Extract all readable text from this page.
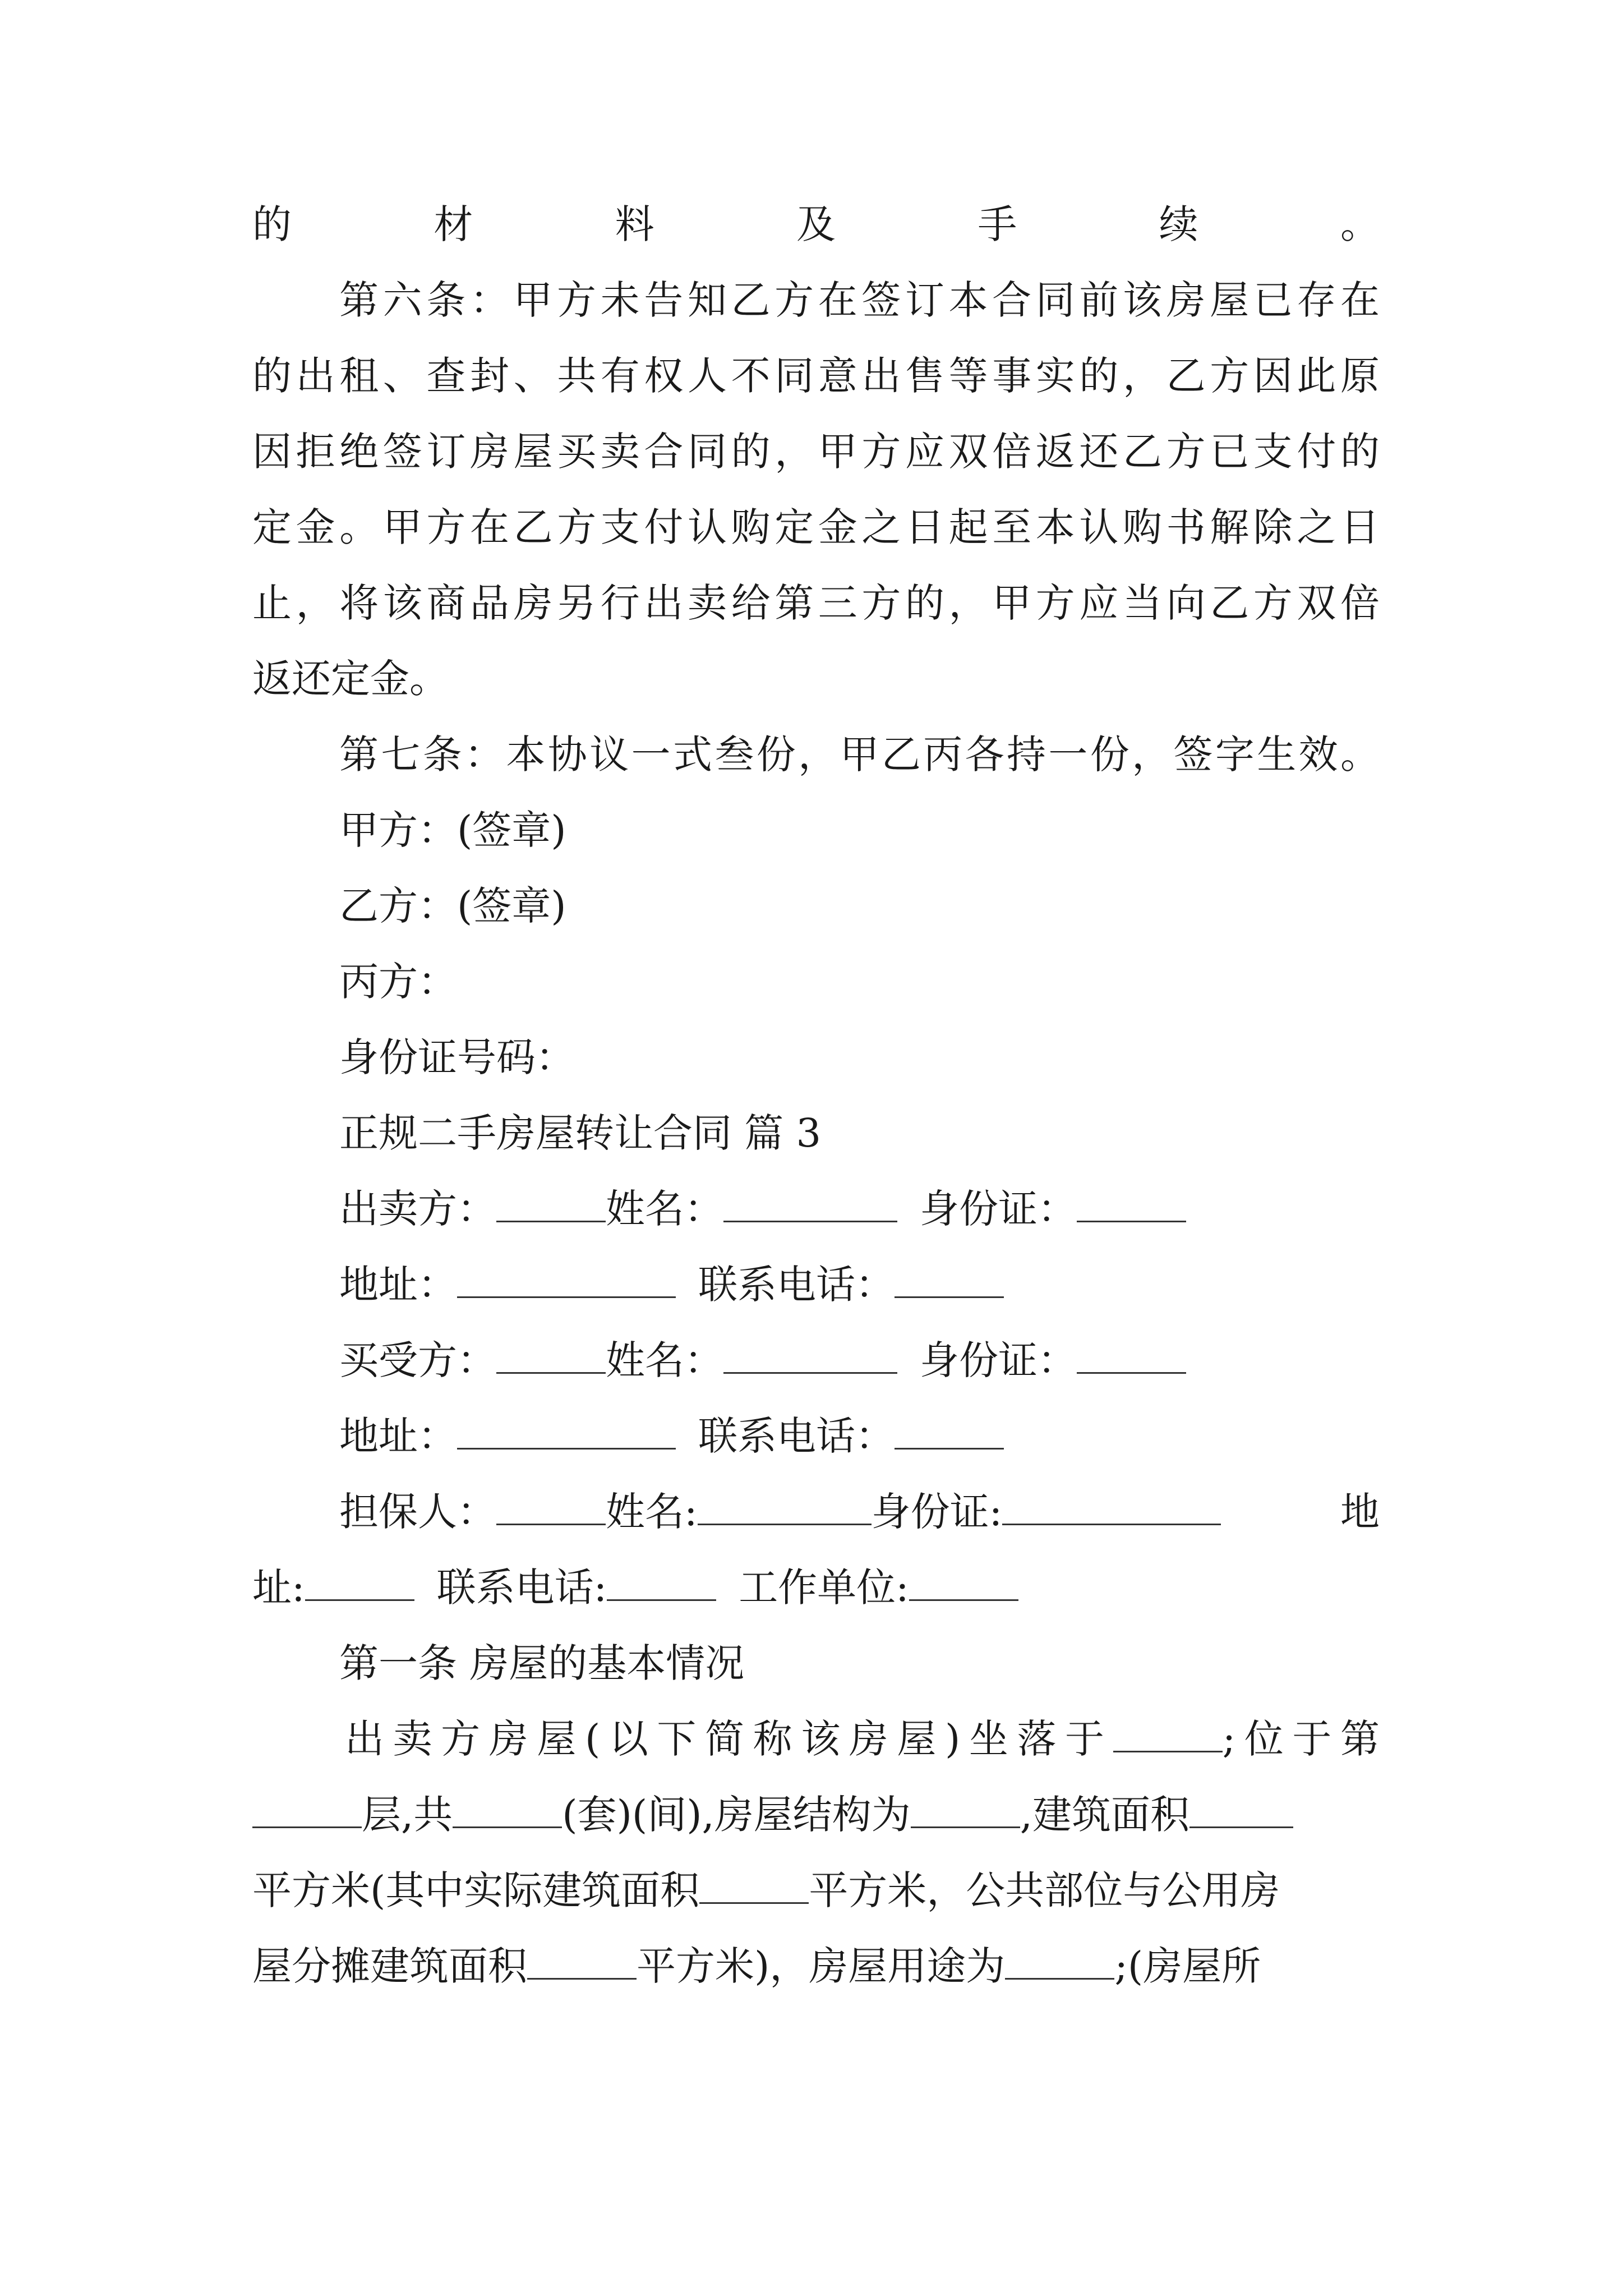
的材料及手续。
第六条：甲方未告知乙方在签订本合同前该房屋已存在
的出租、查封、共有权人不同意出售等事实的，乙方因此原
因拒绝签订房屋买卖合同的，甲方应双倍返还乙方已支付的
定金。甲方在乙方支付认购定金之日起至本认购书解除之日
止，将该商品房另行出卖给第三方的，甲方应当向乙方双倍
返还定金。
第七条：本协议一式叁份，甲乙丙各持一份，签字生效。
甲方：(签章)
乙方：(签章)
丙方：
身份证号码：
正规二手房屋转让合同 篇 3
出卖方：	姓名：	身份证：
地址：	联系电话：
买受方：	姓名：	身份证：
地址：	联系电话：
担保人：	姓名:	身份证:	地
址:	联系电话:	工作单位:
第一条 房屋的基本情况
出卖方房屋(以下简称该房屋)坐落于	;位于第
层,共	(套)(间),房屋结构为	,建筑面积
平方米(其中实际建筑面积	平方米，公共部位与公用房
屋分摊建筑面积	平方米)，房屋用途为	;(房屋所
